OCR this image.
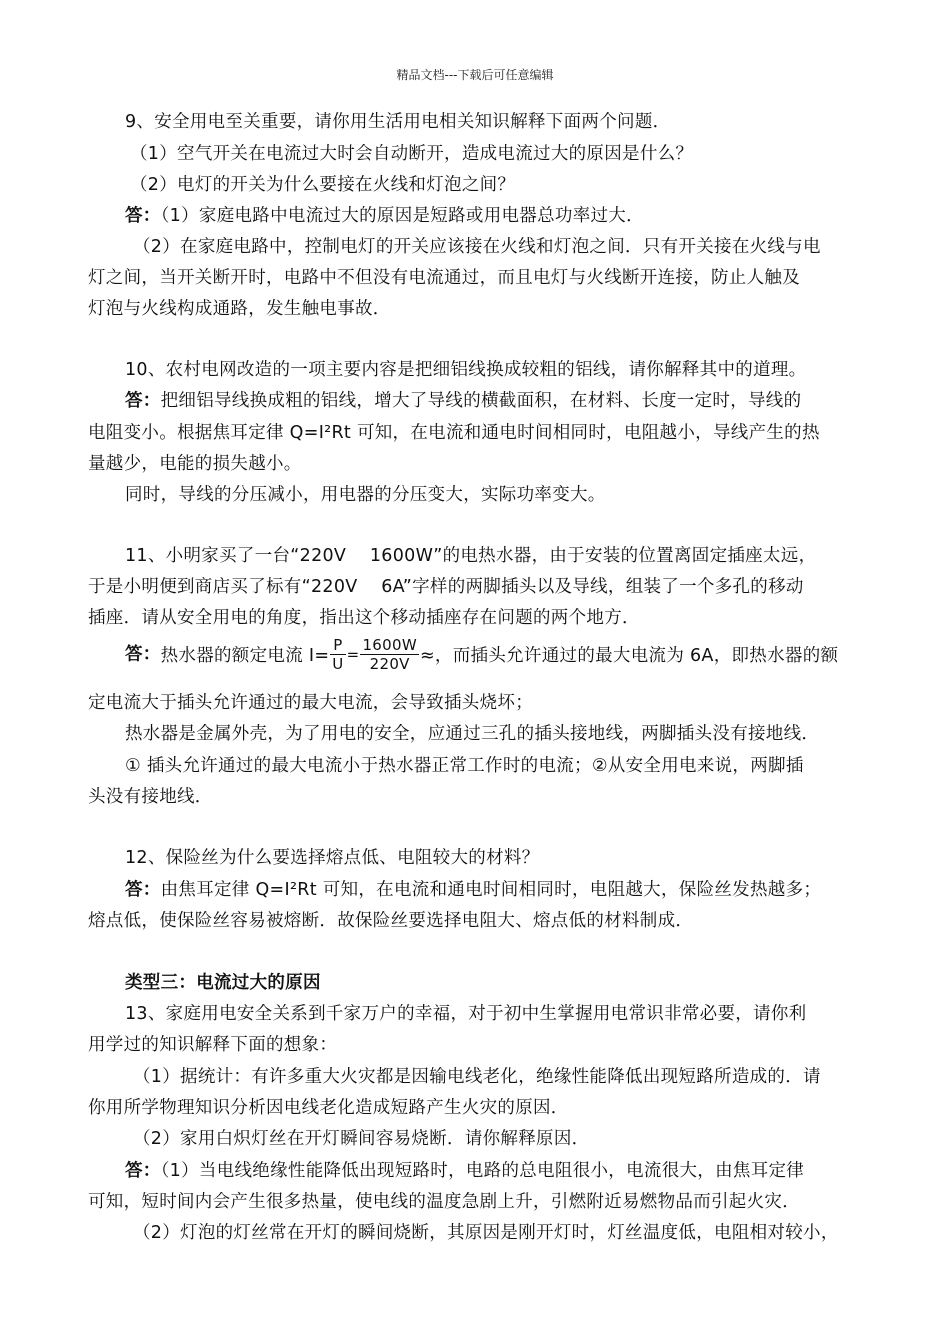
精品文档---下载后可任意编辑
9、安全用电至关重要，请你用生活用电相关知识解释下面两个问题．
（1）空气开关在电流过大时会自动断开，造成电流过大的原因是什么？
（2）电灯的开关为什么要接在火线和灯泡之间？
答：（1）家庭电路中电流过大的原因是短路或用电器总功率过大．
（2）在家庭电路中，控制电灯的开关应该接在火线和灯泡之间．只有开关接在火线与电
灯之间，当开关断开时，电路中不但没有电流通过，而且电灯与火线断开连接，防止人触及
灯泡与火线构成通路，发生触电事故．
10、农村电网改造的一项主要内容是把细铝线换成较粗的铝线，请你解释其中的道理。
答：把细铝导线换成粗的铝线，增大了导线的横截面积，在材料、长度一定时，导线的
电阻变小。根据焦耳定律 Q=I²Rt 可知，在电流和通电时间相同时，电阻越小，导线产生的热
量越少，电能的损失越小。
同时，导线的分压减小，用电器的分压变大，实际功率变大。
11、小明家买了一台“220V　 1600W”的电热水器，由于安装的位置离固定插座太远，
于是小明便到商店买了标有“220V　 6A”字样的两脚插头以及导线，组装了一个多孔的移动
插座．请从安全用电的角度，指出这个移动插座存在问题的两个地方．
答：热水器的额定电流 $I= \frac{P}{U} = \frac{1600W}{220V}$ ≈，而插头允许通过的最大电流为 6A，即热水器的额
定电流大于插头允许通过的最大电流，会导致插头烧坏；
热水器是金属外壳，为了用电的安全，应通过三孔的插头接地线，两脚插头没有接地线．
① 插头允许通过的最大电流小于热水器正常工作时的电流；②从安全用电来说，两脚插
头没有接地线．
12、保险丝为什么要选择熔点低、电阻较大的材料？
答：由焦耳定律 Q=I²Rt 可知，在电流和通电时间相同时，电阻越大，保险丝发热越多；
熔点低，使保险丝容易被熔断．故保险丝要选择电阻大、熔点低的材料制成．
类型三：电流过大的原因
13、家庭用电安全关系到千家万户的幸福，对于初中生掌握用电常识非常必要，请你利
用学过的知识解释下面的想象：
（1）据统计：有许多重大火灾都是因输电线老化，绝缘性能降低出现短路所造成的．请
你用所学物理知识分析因电线老化造成短路产生火灾的原因．
（2）家用白炽灯丝在开灯瞬间容易烧断．请你解释原因．
答：（1）当电线绝缘性能降低出现短路时，电路的总电阻很小，电流很大，由焦耳定律
可知，短时间内会产生很多热量，使电线的温度急剧上升，引燃附近易燃物品而引起火灾．
（2）灯泡的灯丝常在开灯的瞬间烧断，其原因是刚开灯时，灯丝温度低，电阻相对较小，
